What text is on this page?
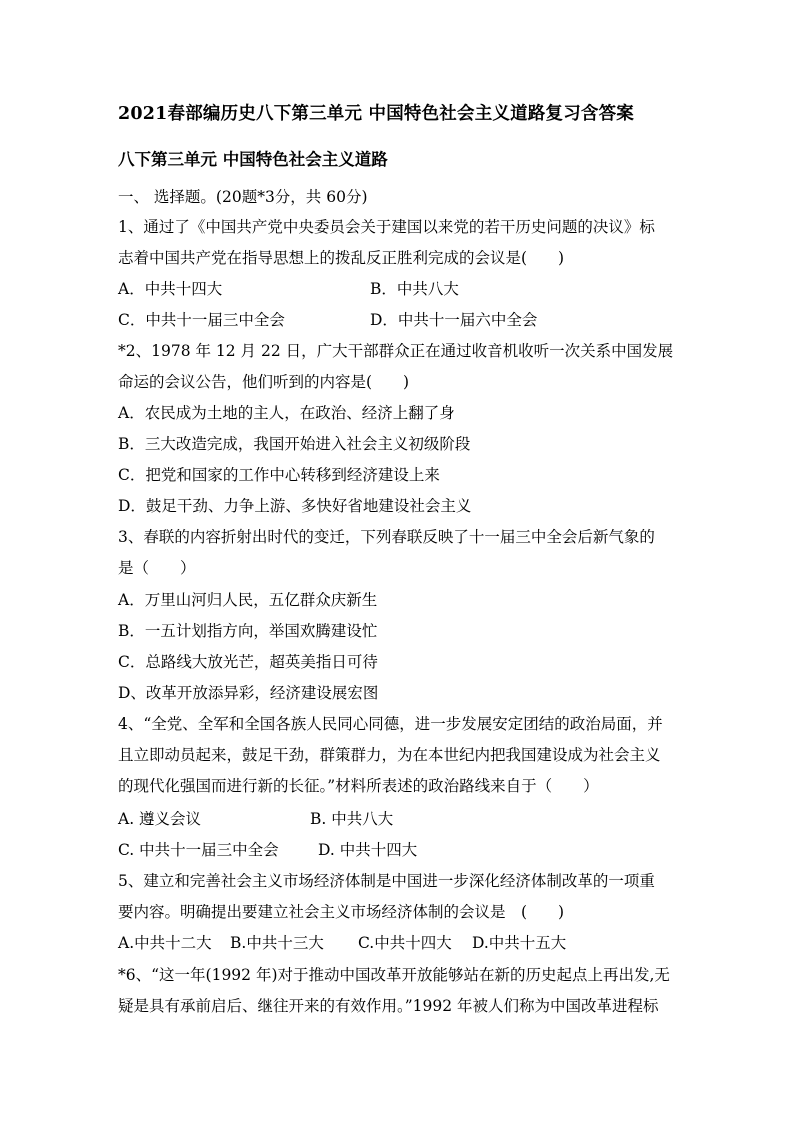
2021春部编历史八下第三单元 中国特色社会主义道路复习含答案
八下第三单元 中国特色社会主义道路
一、 选择题。(20题*3分，共 60分)
1、通过了《中国共产党中央委员会关于建国以来党的若干历史问题的决议》标
志着中国共产党在指导思想上的拨乱反正胜利完成的会议是(　　)
A．中共十四大	B．中共八大
C．中共十一届三中全会	D．中共十一届六中全会
*2、1978 年 12 月 22 日，广大干部群众正在通过收音机收听一次关系中国发展
命运的会议公告，他们听到的内容是(　　)
A．农民成为土地的主人，在政治、经济上翻了身
B．三大改造完成，我国开始进入社会主义初级阶段
C．把党和国家的工作中心转移到经济建设上来
D．鼓足干劲、力争上游、多快好省地建设社会主义
3、春联的内容折射出时代的变迁，下列春联反映了十一届三中全会后新气象的
是（　　）
A．万里山河归人民，五亿群众庆新生
B．一五计划指方向，举国欢腾建设忙
C．总路线大放光芒，超英美指日可待
D、改革开放添异彩，经济建设展宏图
4、“全党、全军和全国各族人民同心同德，进一步发展安定团结的政治局面，并
且立即动员起来，鼓足干劲，群策群力，为在本世纪内把我国建设成为社会主义
的现代化强国而进行新的长征。”材料所表述的政治路线来自于（　　）
A. 遵义会议	B. 中共八大
C. 中共十一届三中全会	D. 中共十四大
5、建立和完善社会主义市场经济体制是中国进一步深化经济体制改革的一项重
要内容。明确提出要建立社会主义市场经济体制的会议是　(　　)
A.中共十二大 B.中共十三大 C.中共十四大 D.中共十五大
*6、“这一年(1992 年)对于推动中国改革开放能够站在新的历史起点上再出发,无
疑是具有承前启后、继往开来的有效作用。”1992 年被人们称为中国改革进程标
